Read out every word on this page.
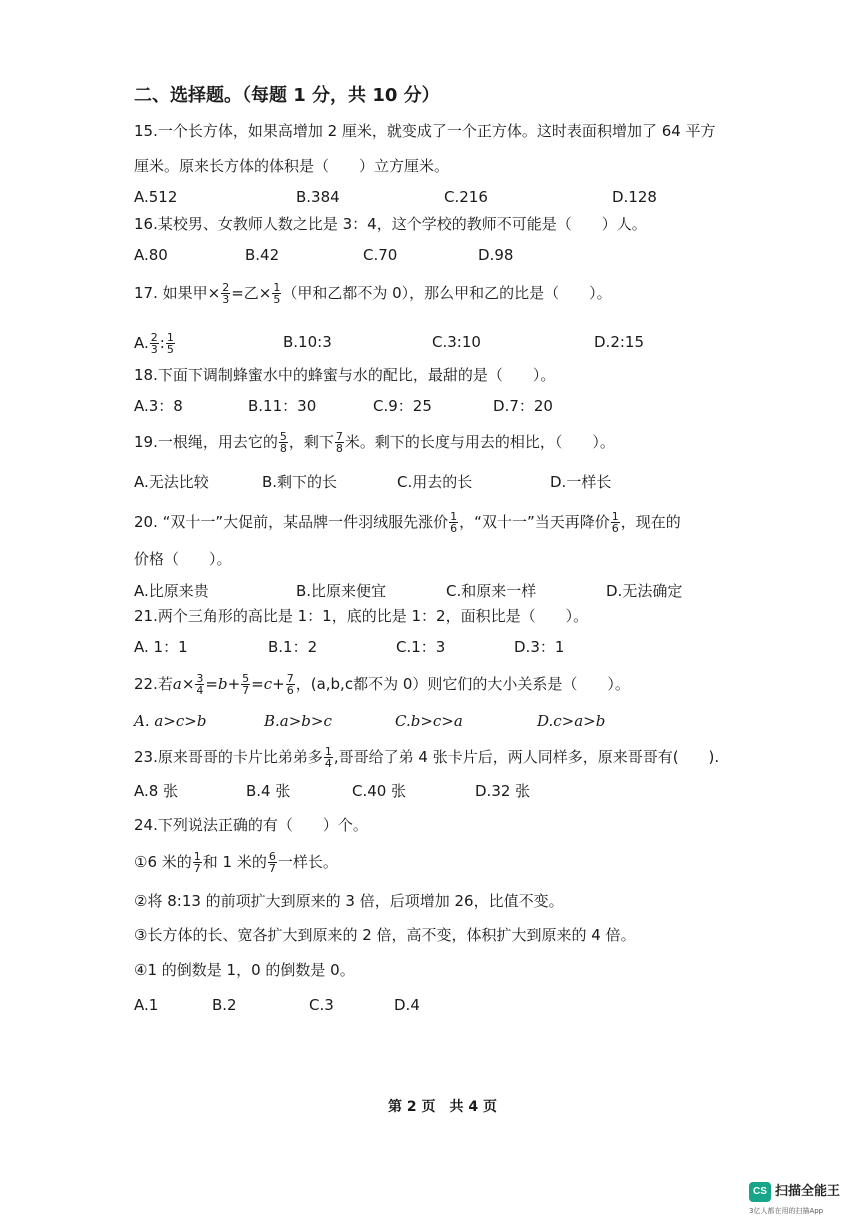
二、选择题。（每题 1 分，共 10 分）
15.一个长方体，如果高增加 2 厘米，就变成了一个正方体。这时表面积增加了 64 平方
厘米。原来长方体的体积是（　　）立方厘米。
A.512	B.384	C.216	D.128
16.某校男、女教师人数之比是 3：4，这个学校的教师不可能是（　　）人。
A.80	B.42	C.70	D.98
17. 如果甲× $\frac{2}{3}$ =乙× $\frac{1}{5}$ （甲和乙都不为 0），那么甲和乙的比是（　　）。
A. $\frac{2}{3}$ : $\frac{1}{5}$	B.10:3	C.3:10	D.2:15
18.下面下调制蜂蜜水中的蜂蜜与水的配比，最甜的是（　　）。
A.3：8	B.11：30	C.9：25	D.7：20
19.一根绳，用去它的 $\frac{5}{8}$ ，剩下 $\frac{7}{8}$ 米。剩下的长度与用去的相比，（　　）。
A.无法比较	B.剩下的长	C.用去的长	D.一样长
20. “双十一”大促前，某品牌一件羽绒服先涨价 $\frac{1}{6}$ ，“双十一”当天再降价 $\frac{1}{6}$ ，现在的
价格（　　）。
A.比原来贵	B.比原来便宜	C.和原来一样	D.无法确定
21.两个三角形的高比是 1：1，底的比是 1：2，面积比是（　　）。
A. 1：1	B.1：2	C.1：3	D.3：1
22.若$a\times \frac{3}{4} =b+ \frac{5}{7} =c+ \frac{7}{6}$ ，(a,b,c都不为 0）则它们的大小关系是（　　）。
A. a>c>b	B.a>b>c	C.b>c>a	D.c>a>b
23.原来哥哥的卡片比弟弟多 $\frac{1}{4}$ ,哥哥给了弟 4 张卡片后，两人同样多，原来哥哥有(　　).
A.8 张	B.4 张	C.40 张	D.32 张
24.下列说法正确的有（　　）个。
①6 米的 $\frac{1}{7}$ 和 1 米的 $\frac{6}{7}$ 一样长。
②将 8:13 的前项扩大到原来的 3 倍，后项增加 26，比值不变。
③长方体的长、宽各扩大到原来的 2 倍，高不变，体积扩大到原来的 4 倍。
④1 的倒数是 1，0 的倒数是 0。
A.1	B.2	C.3	D.4
第 2 页　共 4 页
CS 扫描全能王
3亿人都在用的扫描App
